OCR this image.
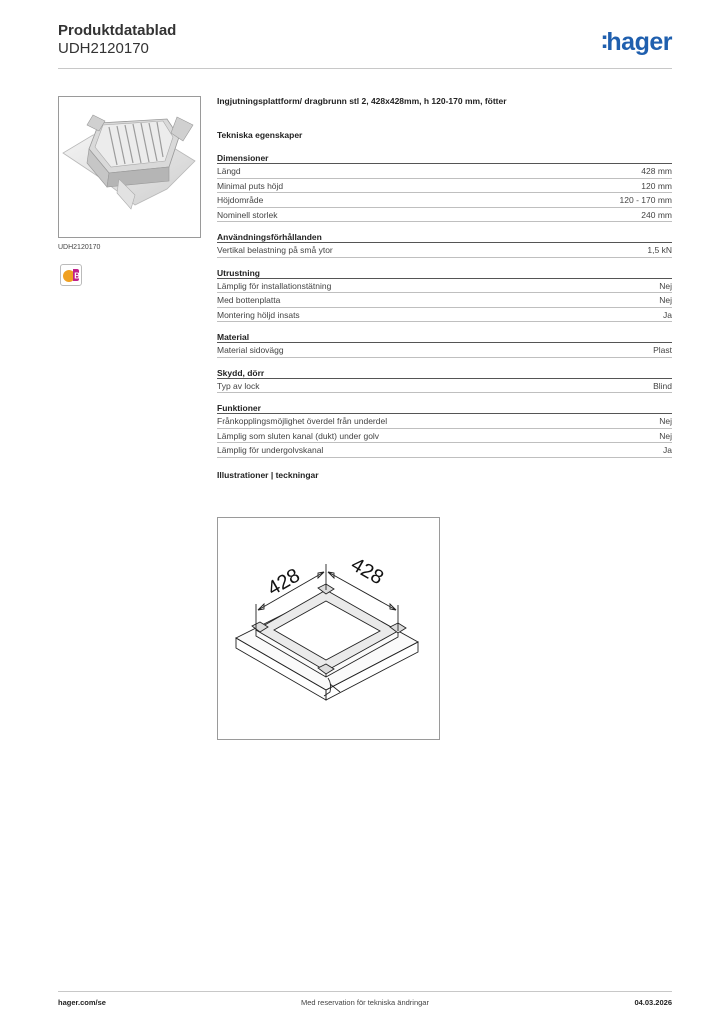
Produktdatablad
UDH2120170	:hager
UDH2120170
B
Ingjutningsplattform/ dragbrunn stl 2, 428x428mm, h 120-170 mm, fötter
Tekniska egenskaper
Dimensioner
Längd	428 mm
Minimal puts höjd	120 mm
Höjdområde	120 - 170 mm
Nominell storlek	240 mm
Användningsförhållanden
Vertikal belastning på små ytor	1,5 kN
Utrustning
Lämplig för installationstätning	Nej
Med bottenplatta	Nej
Montering höljd insats	Ja
Material
Material sidovägg	Plast
Skydd, dörr
Typ av lock	Blind
Funktioner
Frånkopplingsmöjlighet överdel från underdel	Nej
Lämplig som sluten kanal (dukt) under golv	Nej
Lämplig för undergolvskanal	Ja
Illustrationer | teckningar
428 428
hager.com/se	Med reservation för tekniska ändringar	04.03.2026
